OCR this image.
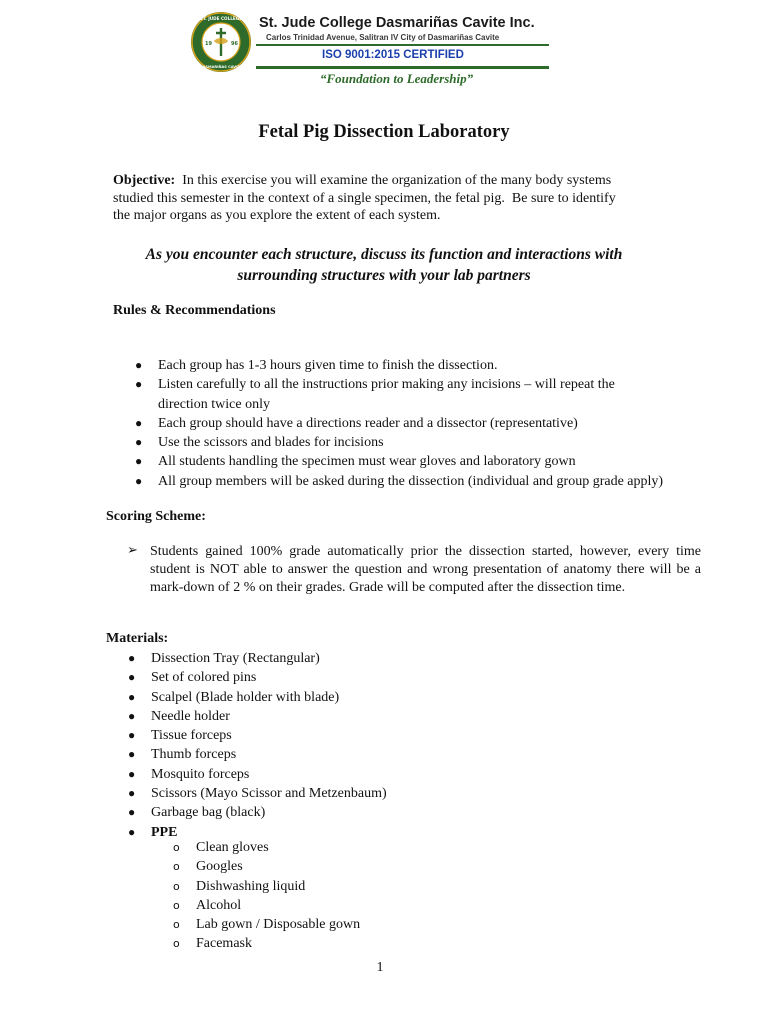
19	96
ST. JUDE COLLEGE
DASMARIÑAS CAVITE
St. Jude College Dasmariñas Cavite Inc.
Carlos Trinidad Avenue, Salitran IV City of Dasmariñas Cavite
ISO 9001:2015 CERTIFIED
“Foundation to Leadership”
Fetal Pig Dissection Laboratory
Objective: In this exercise you will examine the organization of the many body systems
studied this semester in the context of a single specimen, the fetal pig.  Be sure to identify
the major organs as you explore the extent of each system.
As you encounter each structure, discuss its function and interactions with
surrounding structures with your lab partners
Rules & Recommendations
● Each group has 1-3 hours given time to finish the dissection.
● Listen carefully to all the instructions prior making any incisions – will repeat the direction twice only
● Each group should have a directions reader and a dissector (representative)
● Use the scissors and blades for incisions
● All students handling the specimen must wear gloves and laboratory gown
● All group members will be asked during the dissection (individual and group grade apply)
Scoring Scheme:
➢ Students gained 100% grade automatically prior the dissection started, however, every time student is NOT able to answer the question and wrong presentation of anatomy there will be a mark-down of 2 % on their grades. Grade will be computed after the dissection time.
Materials:
● Dissection Tray (Rectangular)
● Set of colored pins
● Scalpel (Blade holder with blade)
● Needle holder
● Tissue forceps
● Thumb forceps
● Mosquito forceps
● Scissors (Mayo Scissor and Metzenbaum)
● Garbage bag (black)
● PPE
o Clean gloves
o Googles
o Dishwashing liquid
o Alcohol
o Lab gown / Disposable gown
o Facemask
1
